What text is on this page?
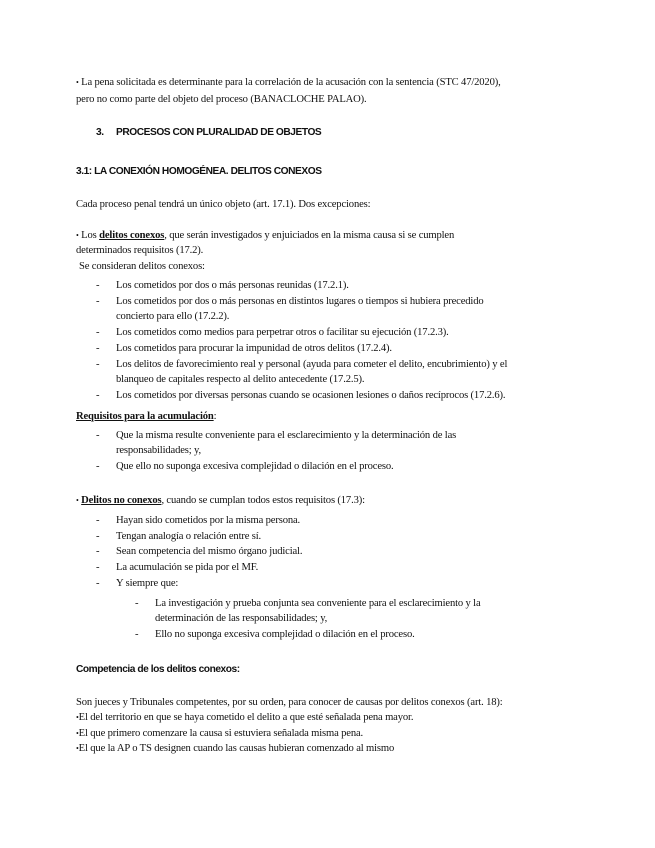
• La pena solicitada es determinante para la correlación de la acusación con la sentencia (STC 47/2020),
pero no como parte del objeto del proceso (BANACLOCHE PALAO).
3. PROCESOS CON PLURALIDAD DE OBJETOS
3.1: LA CONEXIÓN HOMOGÉNEA. DELITOS CONEXOS
Cada proceso penal tendrá un único objeto (art. 17.1). Dos excepciones:
• Los delitos conexos, que serán investigados y enjuiciados en la misma causa si se cumplen
determinados requisitos (17.2).
Se consideran delitos conexos:
- Los cometidos por dos o más personas reunidas (17.2.1).
- Los cometidos por dos o más personas en distintos lugares o tiempos si hubiera precedido
concierto para ello (17.2.2).
- Los cometidos como medios para perpetrar otros o facilitar su ejecución (17.2.3).
- Los cometidos para procurar la impunidad de otros delitos (17.2.4).
- Los delitos de favorecimiento real y personal (ayuda para cometer el delito, encubrimiento) y el
blanqueo de capitales respecto al delito antecedente (17.2.5).
- Los cometidos por diversas personas cuando se ocasionen lesiones o daños recíprocos (17.2.6).
Requisitos para la acumulación:
- Que la misma resulte conveniente para el esclarecimiento y la determinación de las
responsabilidades; y,
- Que ello no suponga excesiva complejidad o dilación en el proceso.
• Delitos no conexos, cuando se cumplan todos estos requisitos (17.3):
- Hayan sido cometidos por la misma persona.
- Tengan analogía o relación entre sí.
- Sean competencia del mismo órgano judicial.
- La acumulación se pida por el MF.
- Y siempre que:
- La investigación y prueba conjunta sea conveniente para el esclarecimiento y la
determinación de las responsabilidades; y,
- Ello no suponga excesiva complejidad o dilación en el proceso.
Competencia de los delitos conexos:
Son jueces y Tribunales competentes, por su orden, para conocer de causas por delitos conexos (art. 18):
•El del territorio en que se haya cometido el delito a que esté señalada pena mayor.
•El que primero comenzare la causa si estuviera señalada misma pena.
•El que la AP o TS designen cuando las causas hubieran comenzado al mismo
